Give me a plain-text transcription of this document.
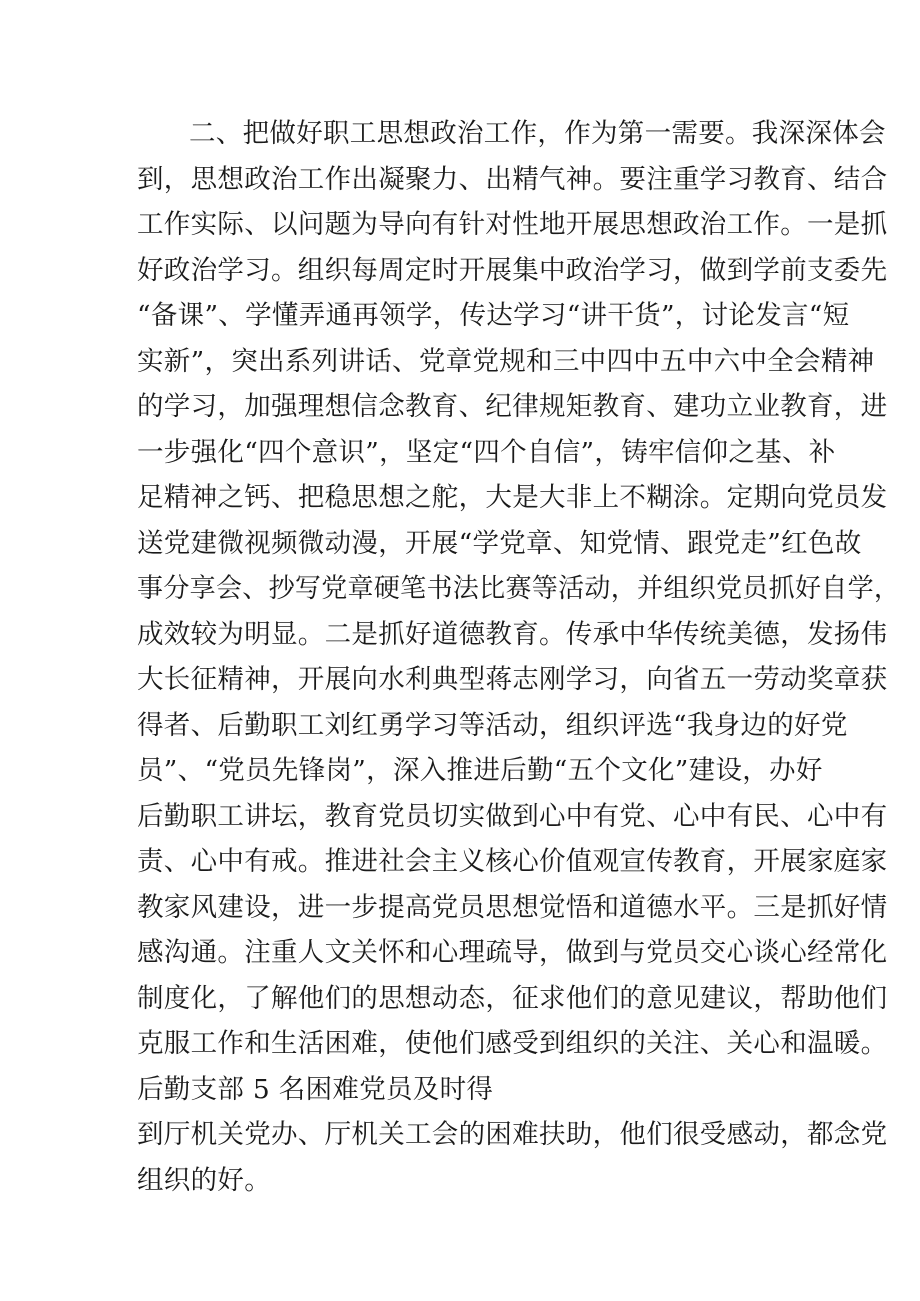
二、把做好职工思想政治工作，作为第一需要。我深深体会
到，思想政治工作出凝聚力、出精气神。要注重学习教育、结合
工作实际、以问题为导向有针对性地开展思想政治工作。一是抓
好政治学习。组织每周定时开展集中政治学习，做到学前支委先
“备课”、学懂弄通再领学，传达学习“讲干货”，讨论发言“短
实新”，突出系列讲话、党章党规和三中四中五中六中全会精神
的学习，加强理想信念教育、纪律规矩教育、建功立业教育，进
一步强化“四个意识”，坚定“四个自信”，铸牢信仰之基、补
足精神之钙、把稳思想之舵，大是大非上不糊涂。定期向党员发
送党建微视频微动漫，开展“学党章、知党情、跟党走”红色故
事分享会、抄写党章硬笔书法比赛等活动，并组织党员抓好自学，
成效较为明显。二是抓好道德教育。传承中华传统美德，发扬伟
大长征精神，开展向水利典型蒋志刚学习，向省五一劳动奖章获
得者、后勤职工刘红勇学习等活动，组织评选“我身边的好党
员”、“党员先锋岗”，深入推进后勤“五个文化”建设，办好
后勤职工讲坛，教育党员切实做到心中有党、心中有民、心中有
责、心中有戒。推进社会主义核心价值观宣传教育，开展家庭家
教家风建设，进一步提高党员思想觉悟和道德水平。三是抓好情
感沟通。注重人文关怀和心理疏导，做到与党员交心谈心经常化
制度化，了解他们的思想动态，征求他们的意见建议，帮助他们
克服工作和生活困难，使他们感受到组织的关注、关心和温暖。
后勤支部 5 名困难党员及时得
到厅机关党办、厅机关工会的困难扶助，他们很受感动，都念党
组织的好。
